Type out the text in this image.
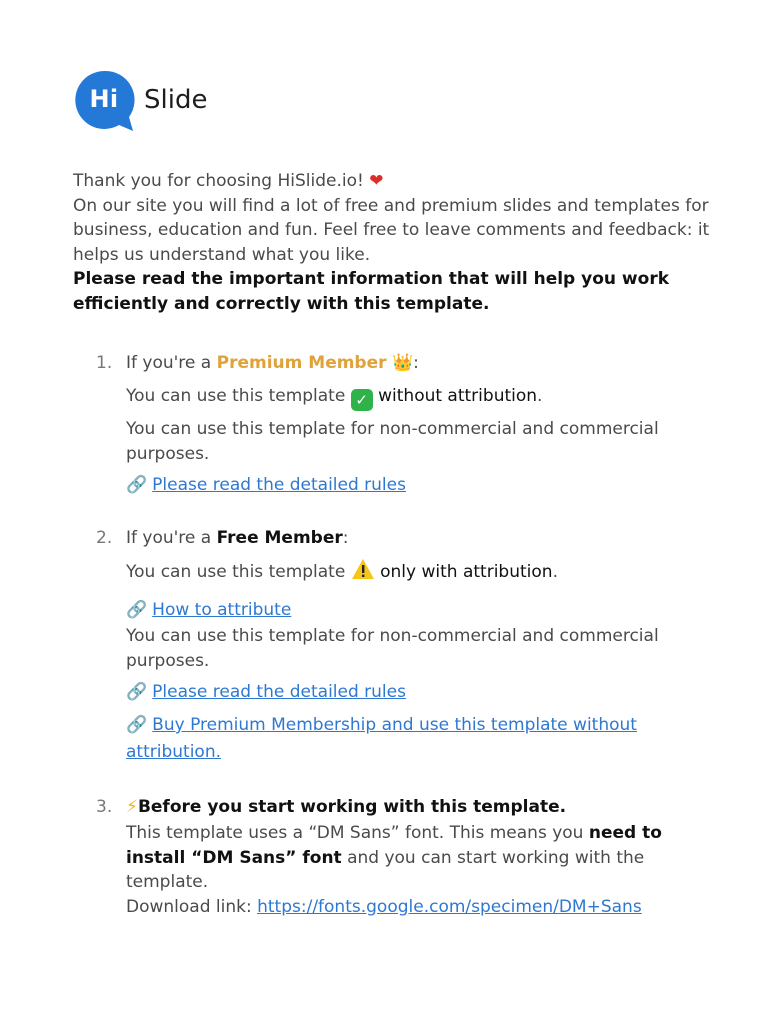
Hi Slide

Thank you for choosing HiSlide.io! ❤

On our site you will find a lot of free and premium slides and templates for business, education and fun. Feel free to leave comments and feedback: it helps us understand what you like.

Please read the important information that will help you work efficiently and correctly with this template.

1. If you're a Premium Member 👑:
You can use this template ✓ without attribution.
You can use this template for non-commercial and commercial purposes.
🔗 Please read the detailed rules
2. If you're a Free Member:
You can use this template  only with attribution.
🔗 How to attribute
You can use this template for non-commercial and commercial purposes.
🔗 Please read the detailed rules
🔗 Buy Premium Membership and use this template without attribution.
3. ⚡Before you start working with this template.
This template uses a “DM Sans” font. This means you need to install “DM Sans” font and you can start working with the template.
Download link: https://fonts.google.com/specimen/DM+Sans
